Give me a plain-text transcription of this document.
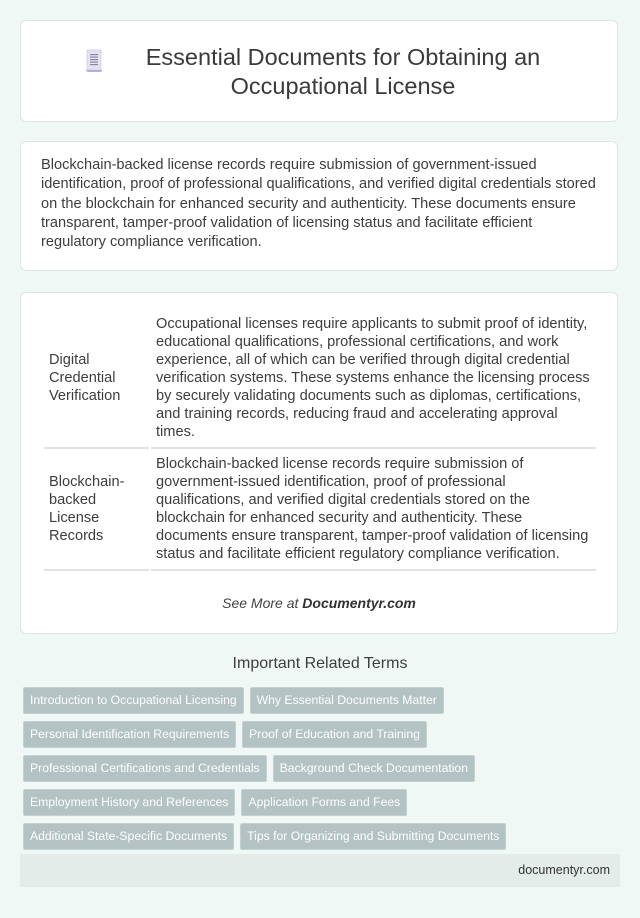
Essential Documents for Obtaining an Occupational License

Blockchain-backed license records require submission of government-issued identification, proof of professional qualifications, and verified digital credentials stored on the blockchain for enhanced security and authenticity. These documents ensure transparent, tamper-proof validation of licensing status and facilitate efficient regulatory compliance verification.

Digital Credential Verification	Occupational licenses require applicants to submit proof of identity, educational qualifications, professional certifications, and work experience, all of which can be verified through digital credential verification systems. These systems enhance the licensing process by securely validating documents such as diplomas, certifications, and training records, reducing fraud and accelerating approval times.
Blockchain-backed License Records	Blockchain-backed license records require submission of government-issued identification, proof of professional qualifications, and verified digital credentials stored on the blockchain for enhanced security and authenticity. These documents ensure transparent, tamper-proof validation of licensing status and facilitate efficient regulatory compliance verification.
See More at Documentyr.com
Important Related Terms
Introduction to Occupational Licensing	Why Essential Documents Matter
Personal Identification Requirements	Proof of Education and Training
Professional Certifications and Credentials	Background Check Documentation
Employment History and References	Application Forms and Fees
Additional State-Specific Documents	Tips for Organizing and Submitting Documents
documentyr.com
